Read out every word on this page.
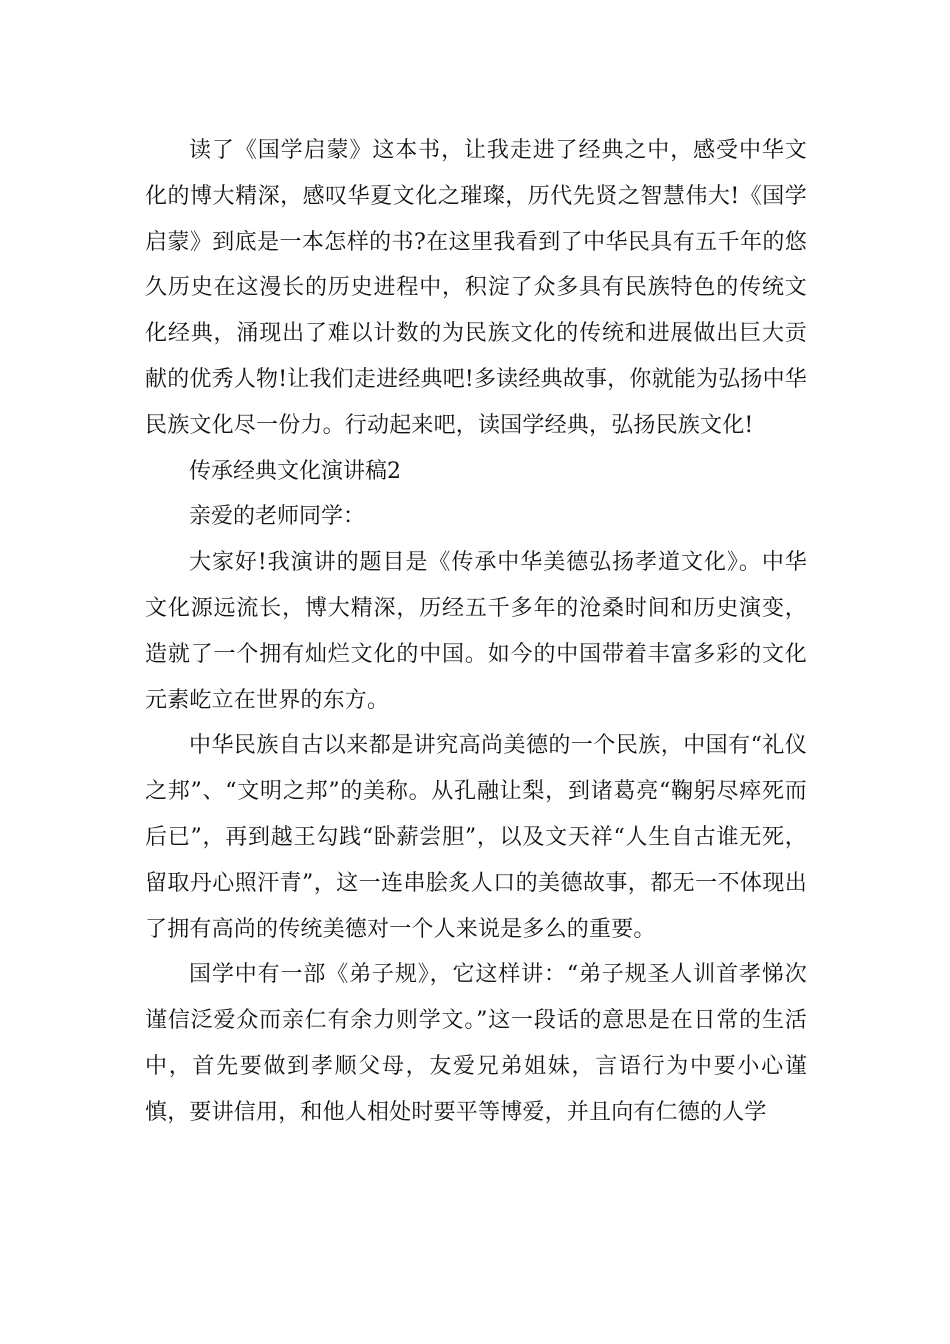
读了《国学启蒙》这本书，让我走进了经典之中，感受中华文化的博大精深，感叹华夏文化之璀璨，历代先贤之智慧伟大!《国学启蒙》到底是一本怎样的书?在这里我看到了中华民具有五千年的悠久历史在这漫长的历史进程中，积淀了众多具有民族特色的传统文化经典，涌现出了难以计数的为民族文化的传统和进展做出巨大贡献的优秀人物!让我们走进经典吧!多读经典故事，你就能为弘扬中华民族文化尽一份力。行动起来吧，读国学经典，弘扬民族文化!

传承经典文化演讲稿2

亲爱的老师同学：

大家好!我演讲的题目是《传承中华美德弘扬孝道文化》。中华文化源远流长，博大精深，历经五千多年的沧桑时间和历史演变，造就了一个拥有灿烂文化的中国。如今的中国带着丰富多彩的文化元素屹立在世界的东方。

中华民族自古以来都是讲究高尚美德的一个民族，中国有“礼仪之邦”、“文明之邦”的美称。从孔融让梨，到诸葛亮“鞠躬尽瘁死而后已”，再到越王勾践“卧薪尝胆”，以及文天祥“人生自古谁无死，留取丹心照汗青”，这一连串脍炙人口的美德故事，都无一不体现出了拥有高尚的传统美德对一个人来说是多么的重要。

国学中有一部《弟子规》，它这样讲：“弟子规圣人训首孝悌次谨信泛爱众而亲仁有余力则学文。”这一段话的意思是在日常的生活中，首先要做到孝顺父母，友爱兄弟姐妹，言语行为中要小心谨慎，要讲信用，和他人相处时要平等博爱，并且向有仁德的人学
